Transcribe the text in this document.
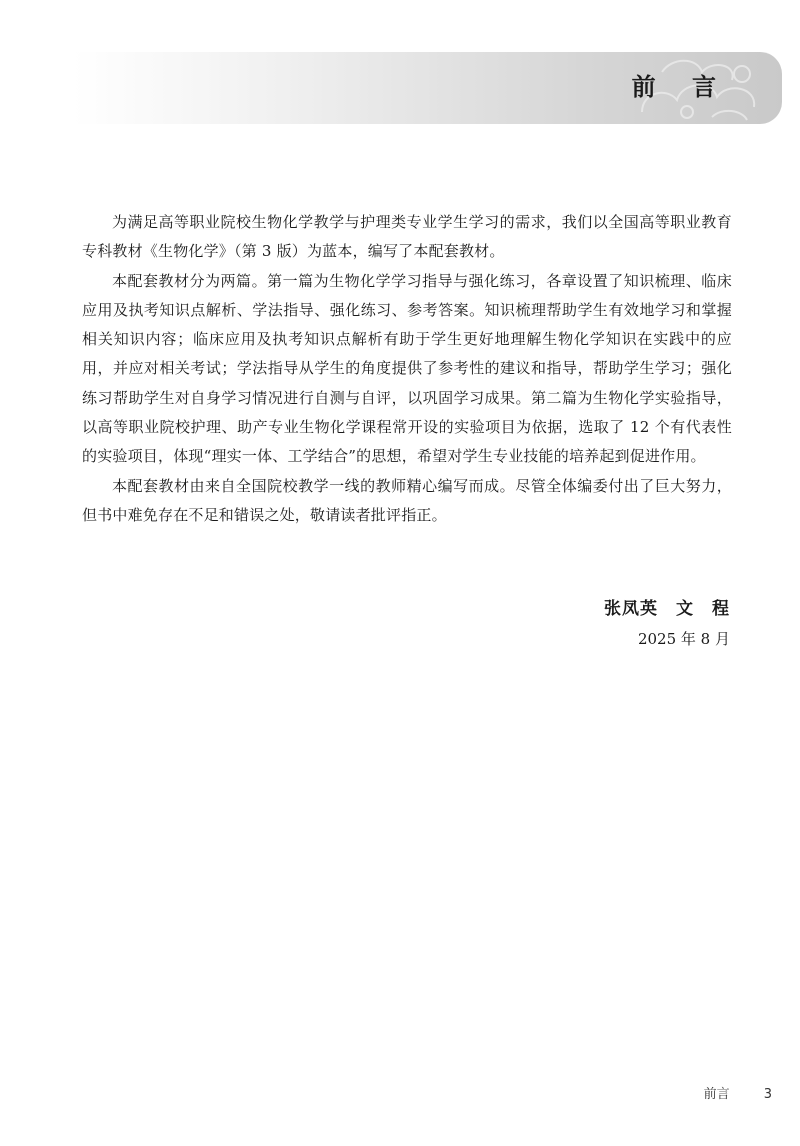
前 言

为满足高等职业院校生物化学教学与护理类专业学生学习的需求，我们以全国高等职业教育专科教材《生物化学》（第 3 版）为蓝本，编写了本配套教材。

本配套教材分为两篇。第一篇为生物化学学习指导与强化练习，各章设置了知识梳理、临床应用及执考知识点解析、学法指导、强化练习、参考答案。知识梳理帮助学生有效地学习和掌握相关知识内容；临床应用及执考知识点解析有助于学生更好地理解生物化学知识在实践中的应用，并应对相关考试；学法指导从学生的角度提供了参考性的建议和指导，帮助学生学习；强化练习帮助学生对自身学习情况进行自测与自评，以巩固学习成果。第二篇为生物化学实验指导，以高等职业院校护理、助产专业生物化学课程常开设的实验项目为依据，选取了 12 个有代表性的实验项目，体现“理实一体、工学结合”的思想，希望对学生专业技能的培养起到促进作用。

本配套教材由来自全国院校教学一线的教师精心编写而成。尽管全体编委付出了巨大努力，但书中难免存在不足和错误之处，敬请读者批评指正。

张凤英　文　程
2025 年 8 月
前言	3
